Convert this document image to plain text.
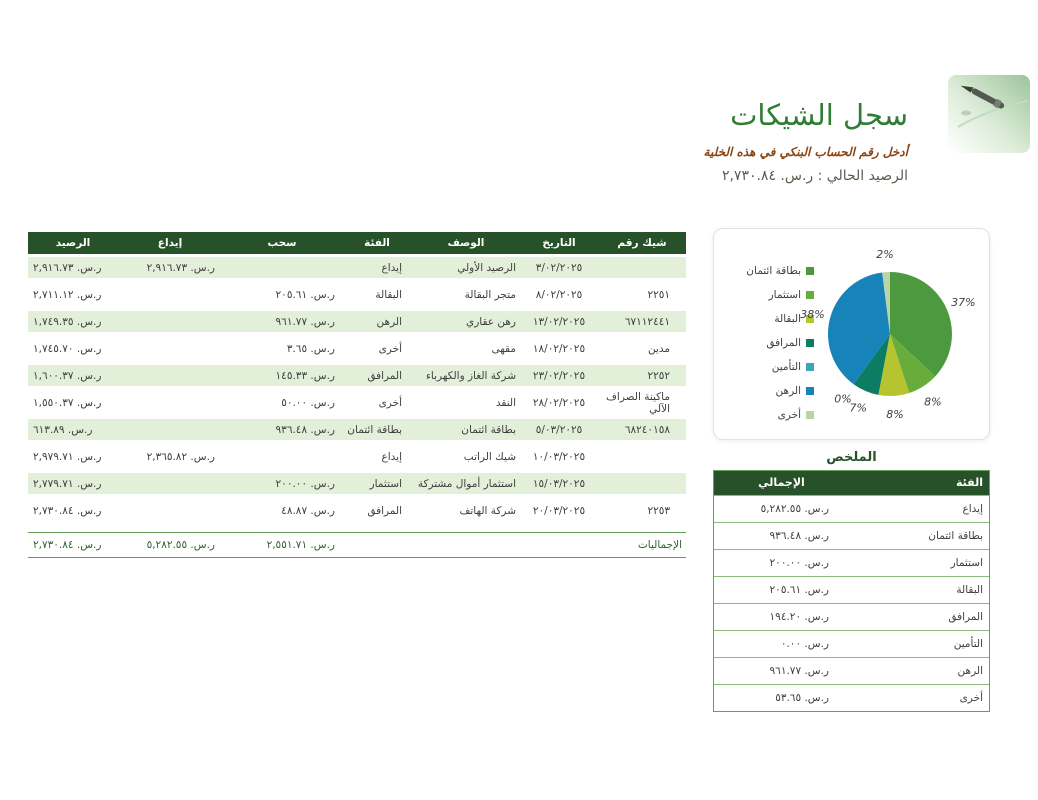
سجل الشيكات
أدخل رقم الحساب البنكي في هذه الخلية
الرصيد الحالي : ر.س. ٢,٧٣٠.٨٤
شيك رقم
التاريخ
الوصف
الفئة
سحب
إيداع
الرصيد
٣/٠٢/٢٠٢٥
الرصيد الأولي
إيداع
ر.س. ٢,٩١٦.٧٣
ر.س. ٢,٩١٦.٧٣
٢٢٥١
٨/٠٢/٢٠٢٥
متجر البقالة
البقالة
ر.س. ٢٠٥.٦١
ر.س. ٢,٧١١.١٢
٦٧١١٢٤٤١
١٣/٠٢/٢٠٢٥
رهن عقاري
الرهن
ر.س. ٩٦١.٧٧
ر.س. ١,٧٤٩.٣٥
مدين
١٨/٠٢/٢٠٢٥
مقهى
أخرى
ر.س. ٣.٦٥
ر.س. ١,٧٤٥.٧٠
٢٢٥٢
٢٣/٠٢/٢٠٢٥
شركة الغاز والكهرباء
المرافق
ر.س. ١٤٥.٣٣
ر.س. ١,٦٠٠.٣٧
ماكينة الصراف الآلي
٢٨/٠٢/٢٠٢٥
النقد
أخرى
ر.س. ٥٠.٠٠
ر.س. ١,٥٥٠.٣٧
٦٨٢٤٠١٥٨
٥/٠٣/٢٠٢٥
بطاقة ائتمان
بطاقة ائتمان
ر.س. ٩٣٦.٤٨
ر.س. ٦١٣.٨٩
١٠/٠٣/٢٠٢٥
شيك الراتب
إيداع
ر.س. ٢,٣٦٥.٨٢
ر.س. ٢,٩٧٩.٧١
١٥/٠٣/٢٠٢٥
استثمار أموال مشتركة
استثمار
ر.س. ٢٠٠.٠٠
ر.س. ٢,٧٧٩.٧١
٢٢٥٣
٢٠/٠٣/٢٠٢٥
شركة الهاتف
المرافق
ر.س. ٤٨.٨٧
ر.س. ٢,٧٣٠.٨٤
الإجماليات
ر.س. ٢,٥٥١.٧١
ر.س. ٥,٢٨٢.٥٥
ر.س. ٢,٧٣٠.٨٤
بطاقة ائتمان
استثمار
البقالة
المرافق
التأمين
الرهن
أخرى
37%
8%
8%
7%
0%
38%
2%
الملخص
الفئة
الإجمالي
إيداع
ر.س. ٥,٢٨٢.٥٥
بطاقة ائتمان
ر.س. ٩٣٦.٤٨
استثمار
ر.س. ٢٠٠.٠٠
البقالة
ر.س. ٢٠٥.٦١
المرافق
ر.س. ١٩٤.٢٠
التأمين
ر.س. ٠.٠٠
الرهن
ر.س. ٩٦١.٧٧
أخرى
ر.س. ٥٣.٦٥
